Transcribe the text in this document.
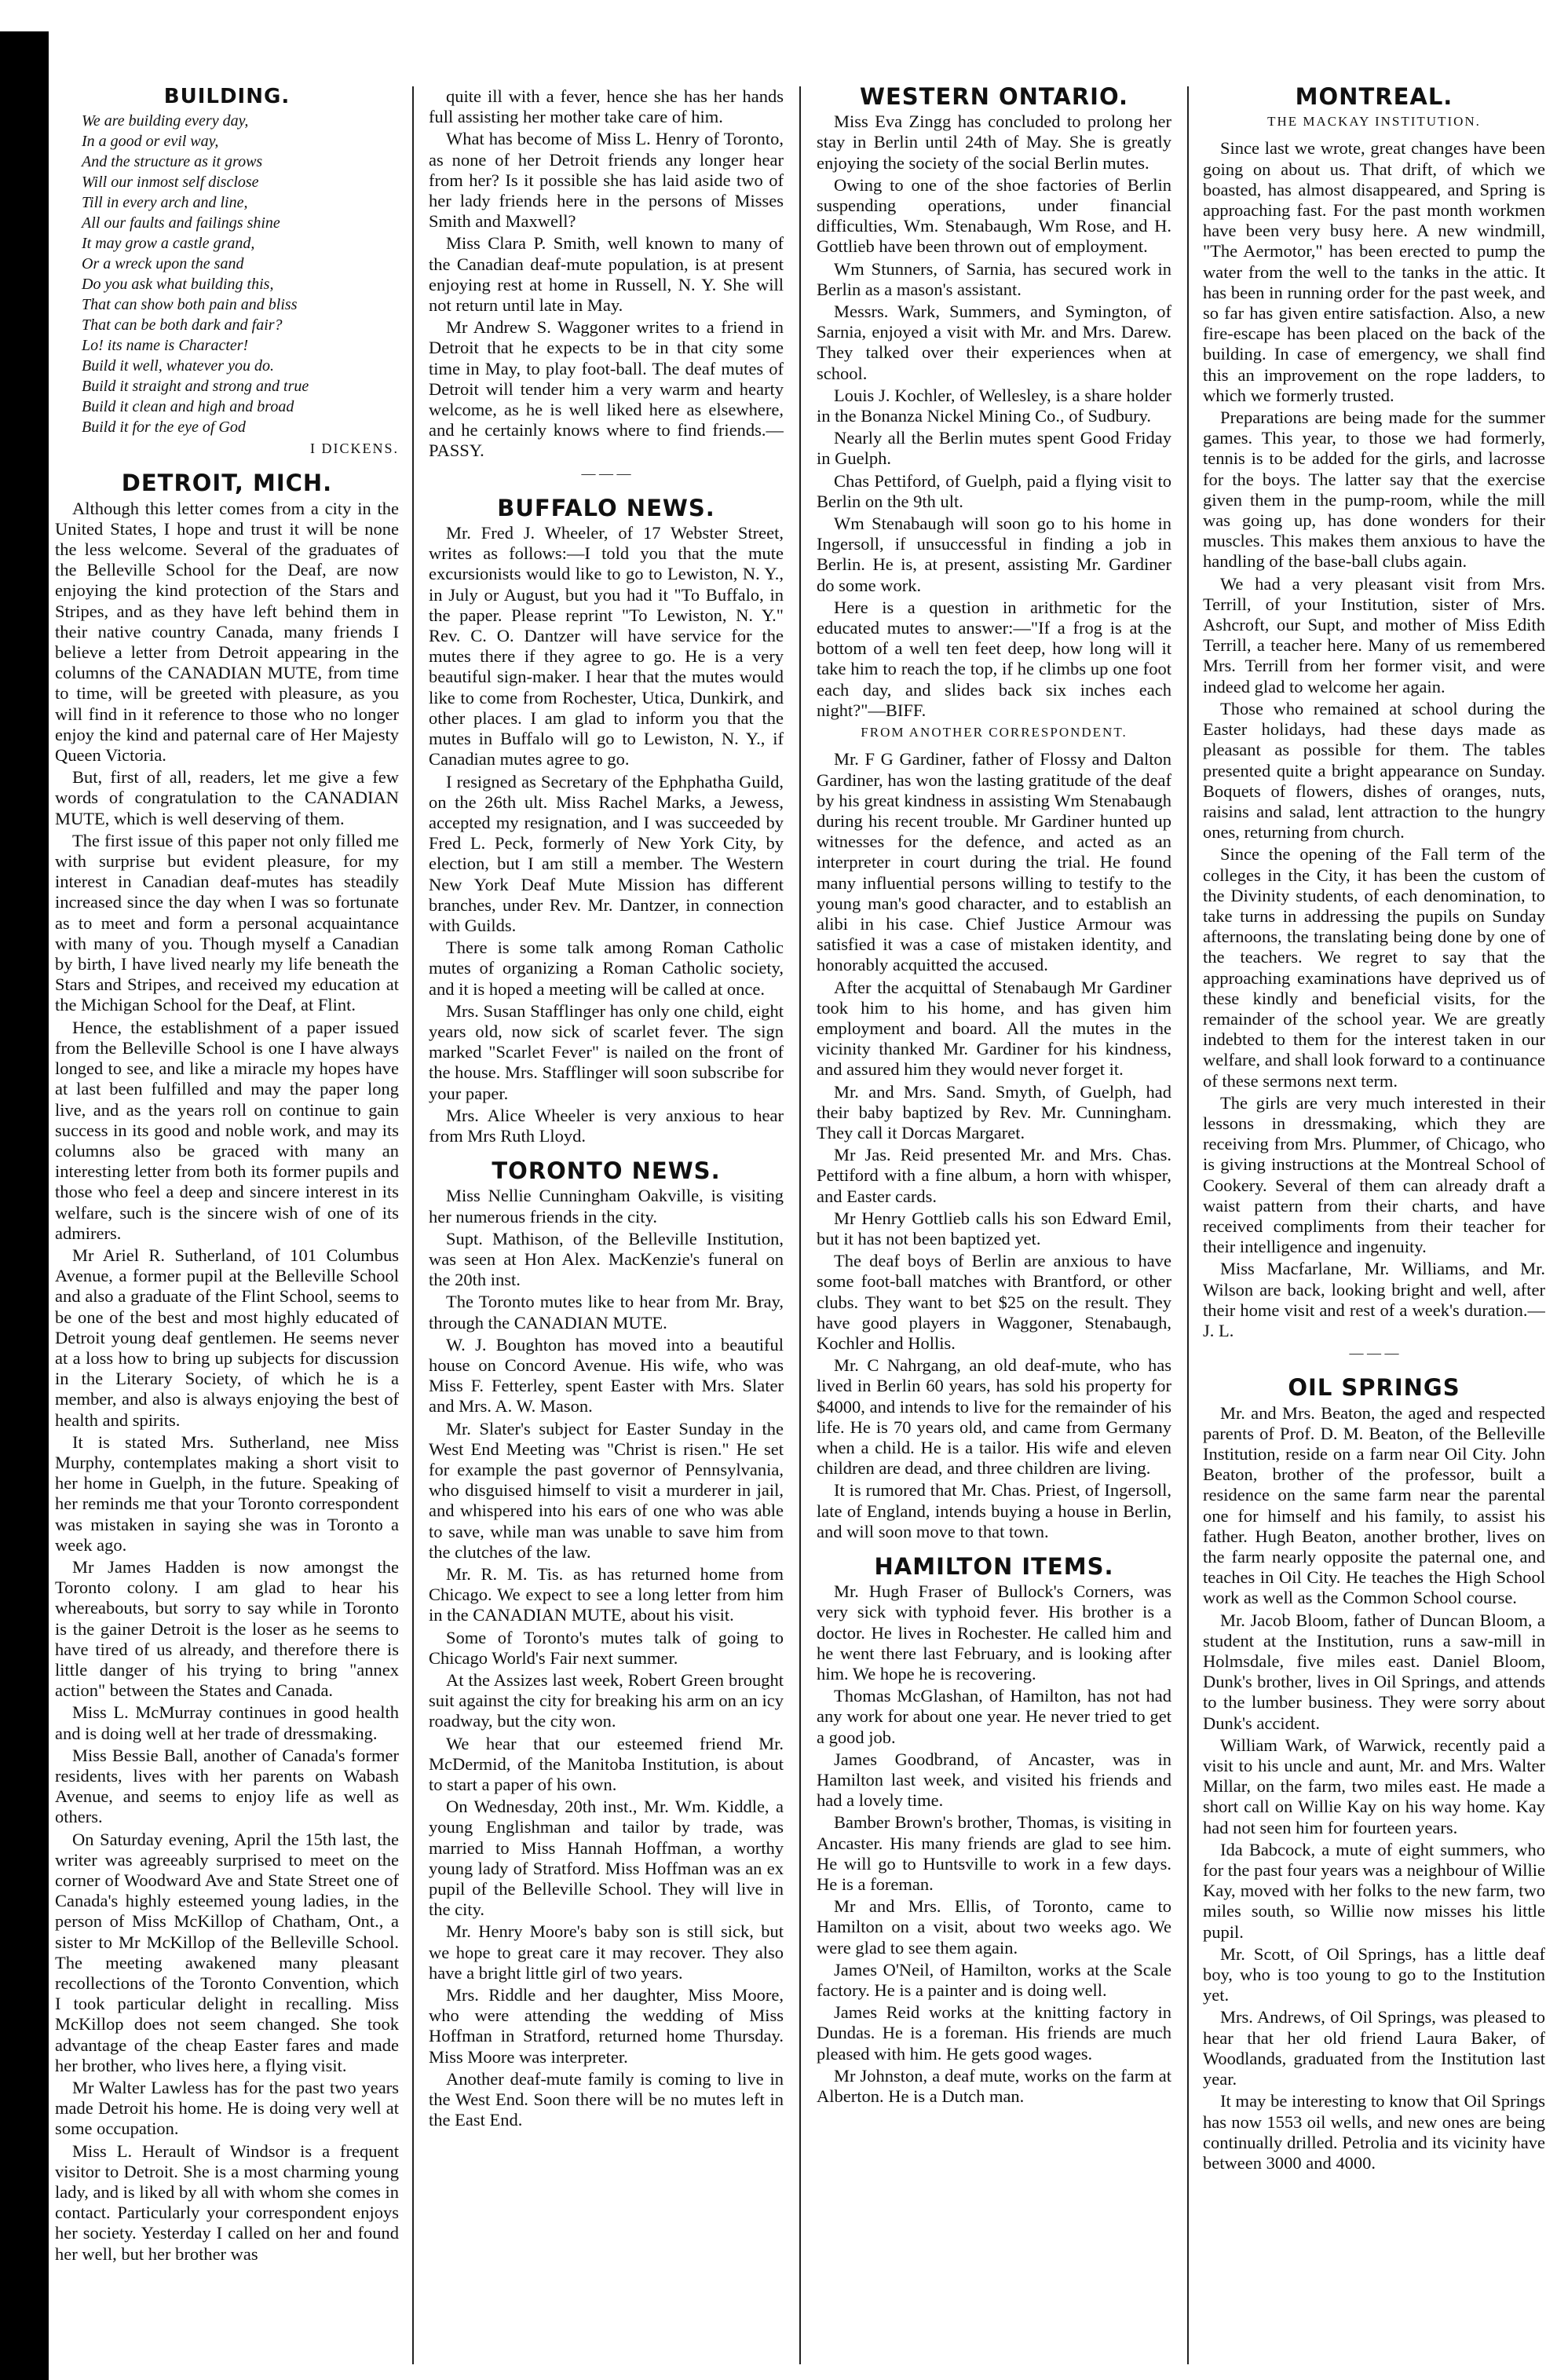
BUILDING.
We are building every day,
In a good or evil way,
And the structure as it grows
Will our inmost self disclose
Till in every arch and line,
All our faults and failings shine
It may grow a castle grand,
Or a wreck upon the sand
Do you ask what building this,
That can show both pain and bliss
That can be both dark and fair?
Lo! its name is Character!
Build it well, whatever you do.
Build it straight and strong and true
Build it clean and high and broad
Build it for the eye of God
I DICKENS.
DETROIT, MICH.

Although this letter comes from a city in the United States, I hope and trust it will be none the less welcome. Several of the graduates of the Belleville School for the Deaf, are now enjoying the kind protection of the Stars and Stripes, and as they have left behind them in their native country Canada, many friends I believe a letter from Detroit appearing in the columns of the CANADIAN MUTE, from time to time, will be greeted with pleasure, as you will find in it reference to those who no longer enjoy the kind and paternal care of Her Majesty Queen Victoria.

But, first of all, readers, let me give a few words of congratulation to the CANADIAN MUTE, which is well deserving of them.

The first issue of this paper not only filled me with surprise but evident pleasure, for my interest in Canadian deaf-mutes has steadily increased since the day when I was so fortunate as to meet and form a personal acquaintance with many of you. Though myself a Canadian by birth, I have lived nearly my life beneath the Stars and Stripes, and received my education at the Michigan School for the Deaf, at Flint.

Hence, the establishment of a paper issued from the Belleville School is one I have always longed to see, and like a miracle my hopes have at last been fulfilled and may the paper long live, and as the years roll on continue to gain success in its good and noble work, and may its columns also be graced with many an interesting letter from both its former pupils and those who feel a deep and sincere interest in its welfare, such is the sincere wish of one of its admirers.

Mr Ariel R. Sutherland, of 101 Columbus Avenue, a former pupil at the Belleville School and also a graduate of the Flint School, seems to be one of the best and most highly educated of Detroit young deaf gentlemen. He seems never at a loss how to bring up subjects for discussion in the Literary Society, of which he is a member, and also is always enjoying the best of health and spirits.

It is stated Mrs. Sutherland, nee Miss Murphy, contemplates making a short visit to her home in Guelph, in the future. Speaking of her reminds me that your Toronto correspondent was mistaken in saying she was in Toronto a week ago.

Mr James Hadden is now amongst the Toronto colony. I am glad to hear his whereabouts, but sorry to say while in Toronto is the gainer Detroit is the loser as he seems to have tired of us already, and therefore there is little danger of his trying to bring "annex action" between the States and Canada.

Miss L. McMurray continues in good health and is doing well at her trade of dressmaking.

Miss Bessie Ball, another of Canada's former residents, lives with her parents on Wabash Avenue, and seems to enjoy life as well as others.

On Saturday evening, April the 15th last, the writer was agreeably surprised to meet on the corner of Woodward Ave and State Street one of Canada's highly esteemed young ladies, in the person of Miss McKillop of Chatham, Ont., a sister to Mr McKillop of the Belleville School. The meeting awakened many pleasant recollections of the Toronto Convention, which I took particular delight in recalling. Miss McKillop does not seem changed. She took advantage of the cheap Easter fares and made her brother, who lives here, a flying visit.

Mr Walter Lawless has for the past two years made Detroit his home. He is doing very well at some occupation.

Miss L. Herault of Windsor is a frequent visitor to Detroit. She is a most charming young lady, and is liked by all with whom she comes in contact. Particularly your correspondent enjoys her society. Yesterday I called on her and found her well, but her brother was

quite ill with a fever, hence she has her hands full assisting her mother take care of him.

What has become of Miss L. Henry of Toronto, as none of her Detroit friends any longer hear from her? Is it possible she has laid aside two of her lady friends here in the persons of Misses Smith and Maxwell?

Miss Clara P. Smith, well known to many of the Canadian deaf-mute population, is at present enjoying rest at home in Russell, N. Y. She will not return until late in May.

Mr Andrew S. Waggoner writes to a friend in Detroit that he expects to be in that city some time in May, to play foot-ball. The deaf mutes of Detroit will tender him a very warm and hearty welcome, as he is well liked here as elsewhere, and he certainly knows where to find friends.—PASSY.

— — —
BUFFALO NEWS.

Mr. Fred J. Wheeler, of 17 Webster Street, writes as follows:—I told you that the mute excursionists would like to go to Lewiston, N. Y., in July or August, but you had it "To Buffalo, in the paper. Please reprint "To Lewiston, N. Y." Rev. C. O. Dantzer will have service for the mutes there if they agree to go. He is a very beautiful sign-maker. I hear that the mutes would like to come from Rochester, Utica, Dunkirk, and other places. I am glad to inform you that the mutes in Buffalo will go to Lewiston, N. Y., if Canadian mutes agree to go.

I resigned as Secretary of the Ephphatha Guild, on the 26th ult. Miss Rachel Marks, a Jewess, accepted my resignation, and I was succeeded by Fred L. Peck, formerly of New York City, by election, but I am still a member. The Western New York Deaf Mute Mission has different branches, under Rev. Mr. Dantzer, in connection with Guilds.

There is some talk among Roman Catholic mutes of organizing a Roman Catholic society, and it is hoped a meeting will be called at once.

Mrs. Susan Stafflinger has only one child, eight years old, now sick of scarlet fever. The sign marked "Scarlet Fever" is nailed on the front of the house. Mrs. Stafflinger will soon subscribe for your paper.

Mrs. Alice Wheeler is very anxious to hear from Mrs Ruth Lloyd.

TORONTO NEWS.

Miss Nellie Cunningham Oakville, is visiting her numerous friends in the city.

Supt. Mathison, of the Belleville Institution, was seen at Hon Alex. MacKenzie's funeral on the 20th inst.

The Toronto mutes like to hear from Mr. Bray, through the CANADIAN MUTE.

W. J. Boughton has moved into a beautiful house on Concord Avenue. His wife, who was Miss F. Fetterley, spent Easter with Mrs. Slater and Mrs. A. W. Mason.

Mr. Slater's subject for Easter Sunday in the West End Meeting was "Christ is risen." He set for example the past governor of Pennsylvania, who disguised himself to visit a murderer in jail, and whispered into his ears of one who was able to save, while man was unable to save him from the clutches of the law.

Mr. R. M. Tis. as has returned home from Chicago. We expect to see a long letter from him in the CANADIAN MUTE, about his visit.

Some of Toronto's mutes talk of going to Chicago World's Fair next summer.

At the Assizes last week, Robert Green brought suit against the city for breaking his arm on an icy roadway, but the city won.

We hear that our esteemed friend Mr. McDermid, of the Manitoba Institution, is about to start a paper of his own.

On Wednesday, 20th inst., Mr. Wm. Kiddle, a young Englishman and tailor by trade, was married to Miss Hannah Hoffman, a worthy young lady of Stratford. Miss Hoffman was an ex pupil of the Belleville School. They will live in the city.

Mr. Henry Moore's baby son is still sick, but we hope to great care it may recover. They also have a bright little girl of two years.

Mrs. Riddle and her daughter, Miss Moore, who were attending the wedding of Miss Hoffman in Stratford, returned home Thursday. Miss Moore was interpreter.

Another deaf-mute family is coming to live in the West End. Soon there will be no mutes left in the East End.

WESTERN ONTARIO.

Miss Eva Zingg has concluded to prolong her stay in Berlin until 24th of May. She is greatly enjoying the society of the social Berlin mutes.

Owing to one of the shoe factories of Berlin suspending operations, under financial difficulties, Wm. Stenabaugh, Wm Rose, and H. Gottlieb have been thrown out of employment.

Wm Stunners, of Sarnia, has secured work in Berlin as a mason's assistant.

Messrs. Wark, Summers, and Symington, of Sarnia, enjoyed a visit with Mr. and Mrs. Darew. They talked over their experiences when at school.

Louis J. Kochler, of Wellesley, is a share holder in the Bonanza Nickel Mining Co., of Sudbury.

Nearly all the Berlin mutes spent Good Friday in Guelph.

Chas Pettiford, of Guelph, paid a flying visit to Berlin on the 9th ult.

Wm Stenabaugh will soon go to his home in Ingersoll, if unsuccessful in finding a job in Berlin. He is, at present, assisting Mr. Gardiner do some work.

Here is a question in arithmetic for the educated mutes to answer:—"If a frog is at the bottom of a well ten feet deep, how long will it take him to reach the top, if he climbs up one foot each day, and slides back six inches each night?"—BIFF.

FROM ANOTHER CORRESPONDENT.

Mr. F G Gardiner, father of Flossy and Dalton Gardiner, has won the lasting gratitude of the deaf by his great kindness in assisting Wm Stenabaugh during his recent trouble. Mr Gardiner hunted up witnesses for the defence, and acted as an interpreter in court during the trial. He found many influential persons willing to testify to the young man's good character, and to establish an alibi in his case. Chief Justice Armour was satisfied it was a case of mistaken identity, and honorably acquitted the accused.

After the acquittal of Stenabaugh Mr Gardiner took him to his home, and has given him employment and board. All the mutes in the vicinity thanked Mr. Gardiner for his kindness, and assured him they would never forget it.

Mr. and Mrs. Sand. Smyth, of Guelph, had their baby baptized by Rev. Mr. Cunningham. They call it Dorcas Margaret.

Mr Jas. Reid presented Mr. and Mrs. Chas. Pettiford with a fine album, a horn with whisper, and Easter cards.

Mr Henry Gottlieb calls his son Edward Emil, but it has not been baptized yet.

The deaf boys of Berlin are anxious to have some foot-ball matches with Brantford, or other clubs. They want to bet $25 on the result. They have good players in Waggoner, Stenabaugh, Kochler and Hollis.

Mr. C Nahrgang, an old deaf-mute, who has lived in Berlin 60 years, has sold his property for $4000, and intends to live for the remainder of his life. He is 70 years old, and came from Germany when a child. He is a tailor. His wife and eleven children are dead, and three children are living.

It is rumored that Mr. Chas. Priest, of Ingersoll, late of England, intends buying a house in Berlin, and will soon move to that town.

HAMILTON ITEMS.

Mr. Hugh Fraser of Bullock's Corners, was very sick with typhoid fever. His brother is a doctor. He lives in Rochester. He called him and he went there last February, and is looking after him. We hope he is recovering.

Thomas McGlashan, of Hamilton, has not had any work for about one year. He never tried to get a good job.

James Goodbrand, of Ancaster, was in Hamilton last week, and visited his friends and had a lovely time.

Bamber Brown's brother, Thomas, is visiting in Ancaster. His many friends are glad to see him. He will go to Huntsville to work in a few days. He is a foreman.

Mr and Mrs. Ellis, of Toronto, came to Hamilton on a visit, about two weeks ago. We were glad to see them again.

James O'Neil, of Hamilton, works at the Scale factory. He is a painter and is doing well.

James Reid works at the knitting factory in Dundas. He is a foreman. His friends are much pleased with him. He gets good wages.

Mr Johnston, a deaf mute, works on the farm at Alberton. He is a Dutch man.

MONTREAL.
THE MACKAY INSTITUTION.

Since last we wrote, great changes have been going on about us. That drift, of which we boasted, has almost disappeared, and Spring is approaching fast. For the past month workmen have been very busy here. A new windmill, "The Aermotor," has been erected to pump the water from the well to the tanks in the attic. It has been in running order for the past week, and so far has given entire satisfaction. Also, a new fire-escape has been placed on the back of the building. In case of emergency, we shall find this an improvement on the rope ladders, to which we formerly trusted.

Preparations are being made for the summer games. This year, to those we had formerly, tennis is to be added for the girls, and lacrosse for the boys. The latter say that the exercise given them in the pump-room, while the mill was going up, has done wonders for their muscles. This makes them anxious to have the handling of the base-ball clubs again.

We had a very pleasant visit from Mrs. Terrill, of your Institution, sister of Mrs. Ashcroft, our Supt, and mother of Miss Edith Terrill, a teacher here. Many of us remembered Mrs. Terrill from her former visit, and were indeed glad to welcome her again.

Those who remained at school during the Easter holidays, had these days made as pleasant as possible for them. The tables presented quite a bright appearance on Sunday. Boquets of flowers, dishes of oranges, nuts, raisins and salad, lent attraction to the hungry ones, returning from church.

Since the opening of the Fall term of the colleges in the City, it has been the custom of the Divinity students, of each denomination, to take turns in addressing the pupils on Sunday afternoons, the translating being done by one of the teachers. We regret to say that the approaching examinations have deprived us of these kindly and beneficial visits, for the remainder of the school year. We are greatly indebted to them for the interest taken in our welfare, and shall look forward to a continuance of these sermons next term.

The girls are very much interested in their lessons in dressmaking, which they are receiving from Mrs. Plummer, of Chicago, who is giving instructions at the Montreal School of Cookery. Several of them can already draft a waist pattern from their charts, and have received compliments from their teacher for their intelligence and ingenuity.

Miss Macfarlane, Mr. Williams, and Mr. Wilson are back, looking bright and well, after their home visit and rest of a week's duration.—J. L.

— — —
OIL SPRINGS

Mr. and Mrs. Beaton, the aged and respected parents of Prof. D. M. Beaton, of the Belleville Institution, reside on a farm near Oil City. John Beaton, brother of the professor, built a residence on the same farm near the parental one for himself and his family, to assist his father. Hugh Beaton, another brother, lives on the farm nearly opposite the paternal one, and teaches in Oil City. He teaches the High School work as well as the Common School course.

Mr. Jacob Bloom, father of Duncan Bloom, a student at the Institution, runs a saw-mill in Holmsdale, five miles east. Daniel Bloom, Dunk's brother, lives in Oil Springs, and attends to the lumber business. They were sorry about Dunk's accident.

William Wark, of Warwick, recently paid a visit to his uncle and aunt, Mr. and Mrs. Walter Millar, on the farm, two miles east. He made a short call on Willie Kay on his way home. Kay had not seen him for fourteen years.

Ida Babcock, a mute of eight summers, who for the past four years was a neighbour of Willie Kay, moved with her folks to the new farm, two miles south, so Willie now misses his little pupil.

Mr. Scott, of Oil Springs, has a little deaf boy, who is too young to go to the Institution yet.

Mrs. Andrews, of Oil Springs, was pleased to hear that her old friend Laura Baker, of Woodlands, graduated from the Institution last year.

It may be interesting to know that Oil Springs has now 1553 oil wells, and new ones are being continually drilled. Petrolia and its vicinity have between 3000 and 4000.
